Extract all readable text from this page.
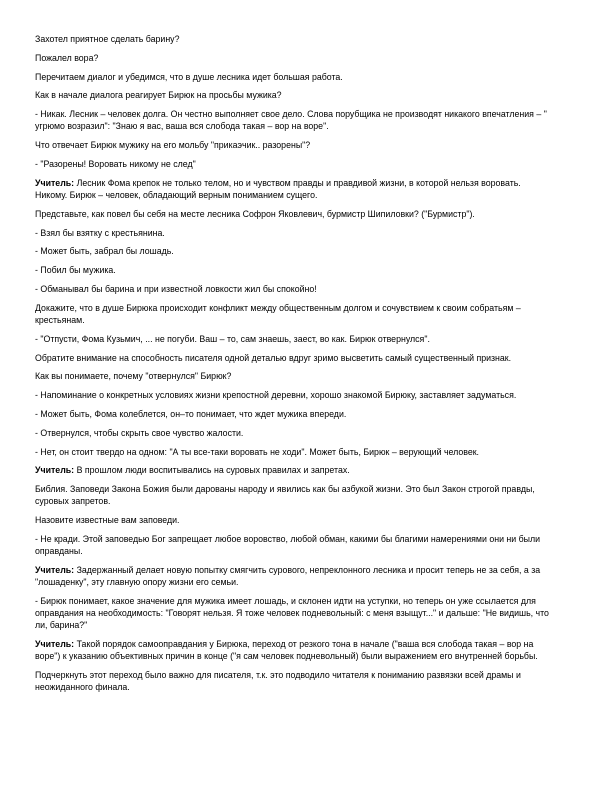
Захотел приятное сделать барину?

Пожалел вора?

Перечитаем диалог и убедимся, что в душе лесника идет большая работа.

Как в начале диалога реагирует Бирюк на просьбы мужика?

- Никак. Лесник – человек долга. Он честно выполняет свое дело. Слова порубщика не производят никакого впечатления – " угрюмо возразил": "Знаю я вас, ваша вся слобода такая – вор на воре".

Что отвечает Бирюк мужику на его мольбу "прикаэчик.. разорены"?

- "Разорены! Воровать никому не след"

Учитель: Лесник Фома крепок не только телом, но и чувством правды и правдивой жизни, в которой нельзя воровать. Никому. Бирюк – человек, обладающий верным пониманием сущего.

Представьте, как повел бы себя на месте лесника Софрон Яковлевич, бурмистр Шипиловки? ("Бурмистр").

- Взял бы взятку с крестьянина.

- Может быть, забрал бы лошадь.

- Побил бы мужика.

- Обманывал бы барина и при известной ловкости жил бы спокойно!

Докажите, что в душе Бирюка происходит конфликт между общественным долгом и сочувствием к своим собратьям – крестьянам.

- "Отпусти, Фома Кузьмич, ... не погуби. Ваш – то, сам знаешь, заест, во как. Бирюк отвернулся".

Обратите внимание на способность писателя одной деталью вдруг зримо высветить самый существенный признак.

Как вы понимаете, почему "отвернулся" Бирюк?

- Напоминание о конкретных условиях жизни крепостной деревни, хорошо знакомой Бирюку, заставляет задуматься.

- Может быть, Фома колеблется, он–то понимает, что ждет мужика впереди.

- Отвернулся, чтобы скрыть свое чувство жалости.

- Нет, он стоит твердо на одном: "А ты все-таки воровать не ходи". Может быть, Бирюк – верующий человек.

Учитель: В прошлом люди воспитывались на суровых правилах и запретах.

Библия. Заповеди Закона Божия были дарованы народу и явились как бы азбукой жизни. Это был Закон строгой правды, суровых запретов.

Назовите известные вам заповеди.

- Не кради. Этой заповедью Бог запрещает любое воровство, любой обман, какими бы благими намерениями они ни были оправданы.

Учитель: Задержанный делает новую попытку смягчить сурового, непреклонного лесника и просит теперь не за себя, а за "лошаденку", эту главную опору жизни его семьи.

- Бирюк понимает, какое значение для мужика имеет лошадь, и склонен идти на уступки, но теперь он уже ссылается для оправдания на необходимость: "Говорят нельзя. Я тоже человек подневольный: с меня взыщут..." и дальше: "Не видишь, что ли, барина?"

Учитель: Такой порядок самооправдания у Бирюка, переход от резкого тона в начале ("ваша вся слобода такая – вор на воре") к указанию объективных причин в конце ("я сам человек подневольный) были выражением его внутренней борьбы.

Подчеркнуть этот переход было важно для писателя, т.к. это подводило читателя к пониманию развязки всей драмы и неожиданного финала.
